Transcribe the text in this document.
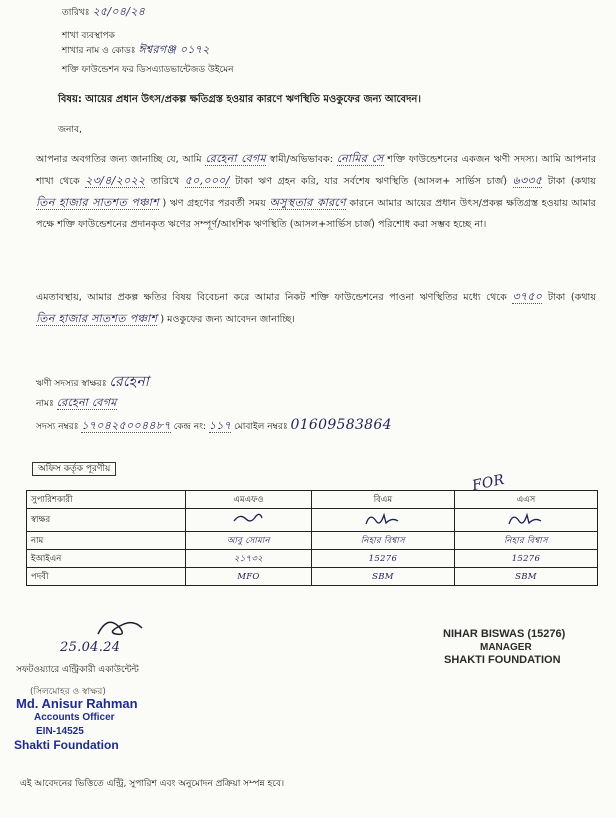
তারিখঃ ২৫/০৪/২৪
শাখা ব্যবস্থাপক
শাখার নাম ও কোডঃ ঈশ্বরগঞ্জ ০১৭২
শক্তি ফাউন্ডেশন ফর ডিসএ্যাডভান্টেজড উইমেন
বিষয়: আয়ের প্রধান উৎস/প্রকল্প ক্ষতিগ্রস্ত হওয়ার কারণে ঋণস্থিতি মওকুফের জন্য আবেদন।
জনাব,
আপনার অবগতির জন্য জানাচ্ছি যে, আমি রেহেনা বেগম স্বামী/অভিভাবক: নোমির সে শক্তি ফাউন্ডেশনের একজন ঋণী সদস্য। আমি আপনার শাখা থেকে ২৩/৪/২০২২ তারিখে ৫০,০০০/ টাকা ঋণ গ্রহন করি, যার সর্বশেষ ঋণস্থিতি (আসল+ সার্ভিস চার্জ) ৬৩৩৫ টাকা (কথায় তিন হাজার সাতশত পঞ্চাশ ) ঋণ গ্রহণের পরবর্তী সময় অসুস্থতার কারণে কারনে আমার আয়ের প্রধান উৎস/প্রকল্প ক্ষতিগ্রস্ত হওয়ায় আমার পক্ষে শক্তি ফাউন্ডেশনের প্রদানকৃত ঋণের সম্পূর্ণ/আংশিক ঋণস্থিতি (আসল+সার্ভিস চার্জ) পরিশোধ করা সম্ভব হচ্ছে না।
এমতাবস্থায়, আমার প্রকল্প ক্ষতির বিষয় বিবেচনা করে আমার নিকট শক্তি ফাউন্ডেশনের পাওনা ঋণস্থিতির মধ্যে থেকে ৩৭৫০ টাকা (কথায় তিন হাজার সাতশত পঞ্চাশ ) মওকুফের জন্য আবেদন জানাচ্ছি।
ঋণী সদস্যর স্বাক্ষরঃ রেহেনা
নামঃ রেহেনা বেগম
সদস্য নম্বরঃ ১৭০৪২৫০০৪৪৮৭ কেন্দ্র নং: ১১৭ মোবাইল নম্বরঃ 01609583864
অফিস কর্তৃক পূরণীয়
FOR
সুপারিশকারী	এমএফও	বিএম	এএস
স্বাক্ষর			
নাম	আবু সোমান	নিহার বিশ্বাস	নিহার বিশ্বাস
ইআইএন	২১৭৩২	15276	15276
পদবী	MFO	SBM	SBM
25.04.24
সফটওয়্যারে এন্ট্রিকারী একাউন্টেন্ট
(সিলমোহর ও স্বাক্ষর)
Md. Anisur Rahman
Accounts Officer
EIN-14525
Shakti Foundation
NIHAR BISWAS (15276)
MANAGER
SHAKTI FOUNDATION
এই আবেদনের ভিত্তিতে এন্ট্রি, সুপারিশ এবং অনুমোদন প্রক্রিয়া সম্পন্ন হবে।
